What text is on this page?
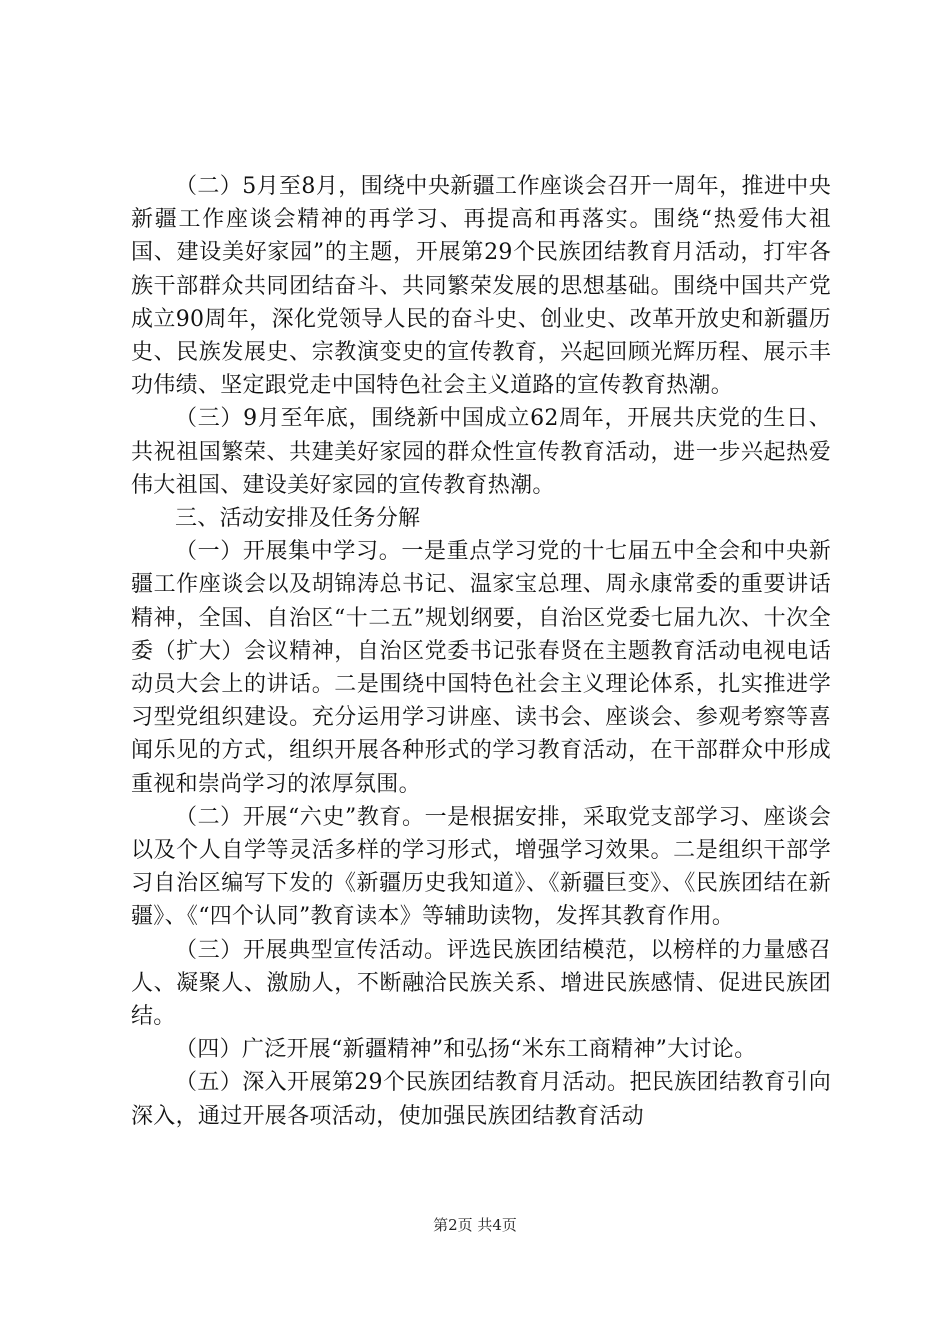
（二）5月至8月，围绕中央新疆工作座谈会召开一周年，推进中央新疆工作座谈会精神的再学习、再提高和再落实。围绕“热爱伟大祖国、建设美好家园”的主题，开展第29个民族团结教育月活动，打牢各族干部群众共同团结奋斗、共同繁荣发展的思想基础。围绕中国共产党成立90周年，深化党领导人民的奋斗史、创业史、改革开放史和新疆历史、民族发展史、宗教演变史的宣传教育，兴起回顾光辉历程、展示丰功伟绩、坚定跟党走中国特色社会主义道路的宣传教育热潮。

（三）9月至年底，围绕新中国成立62周年，开展共庆党的生日、共祝祖国繁荣、共建美好家园的群众性宣传教育活动，进一步兴起热爱伟大祖国、建设美好家园的宣传教育热潮。

三、活动安排及任务分解

（一）开展集中学习。一是重点学习党的十七届五中全会和中央新疆工作座谈会以及胡锦涛总书记、温家宝总理、周永康常委的重要讲话精神，全国、自治区“十二五”规划纲要，自治区党委七届九次、十次全委（扩大）会议精神，自治区党委书记张春贤在主题教育活动电视电话动员大会上的讲话。二是围绕中国特色社会主义理论体系，扎实推进学习型党组织建设。充分运用学习讲座、读书会、座谈会、参观考察等喜闻乐见的方式，组织开展各种形式的学习教育活动，在干部群众中形成重视和崇尚学习的浓厚氛围。

（二）开展“六史”教育。一是根据安排，采取党支部学习、座谈会以及个人自学等灵活多样的学习形式，增强学习效果。二是组织干部学习自治区编写下发的《新疆历史我知道》、《新疆巨变》、《民族团结在新疆》、《“四个认同”教育读本》等辅助读物，发挥其教育作用。

（三）开展典型宣传活动。评选民族团结模范，以榜样的力量感召人、凝聚人、激励人，不断融洽民族关系、增进民族感情、促进民族团结。

（四）广泛开展“新疆精神”和弘扬“米东工商精神”大讨论。

（五）深入开展第29个民族团结教育月活动。把民族团结教育引向深入，通过开展各项活动，使加强民族团结教育活动

第2页 共4页
